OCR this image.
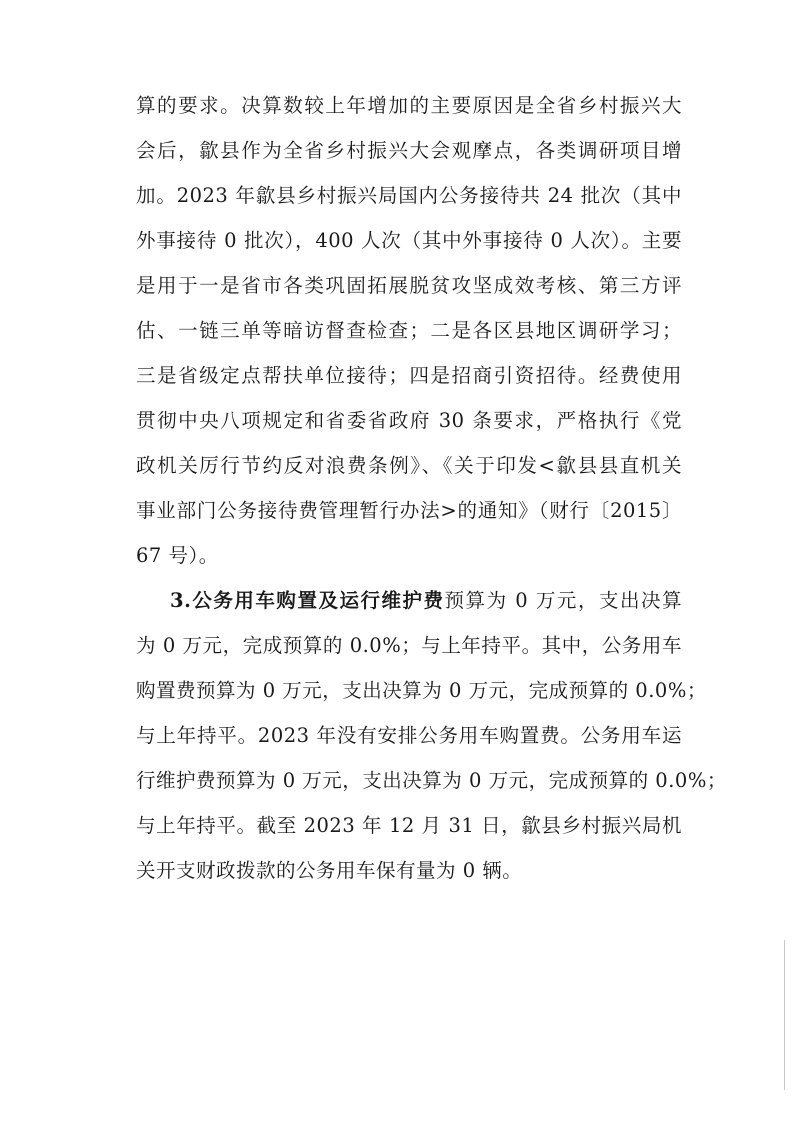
算的要求。决算数较上年增加的主要原因是全省乡村振兴大
会后，歙县作为全省乡村振兴大会观摩点，各类调研项目增
加。2023 年歙县乡村振兴局国内公务接待共 24 批次（其中
外事接待 0 批次），400 人次（其中外事接待 0 人次）。主要
是用于一是省市各类巩固拓展脱贫攻坚成效考核、第三方评
估、一链三单等暗访督查检查；二是各区县地区调研学习；
三是省级定点帮扶单位接待；四是招商引资招待。经费使用
贯彻中央八项规定和省委省政府 30 条要求，严格执行《党
政机关厉行节约反对浪费条例》、《关于印发<歙县县直机关
事业部门公务接待费管理暂行办法>的通知》（财行〔2015〕
67 号）。
3.公务用车购置及运行维护费预算为 0 万元，支出决算
为 0 万元，完成预算的 0.0%；与上年持平。其中，公务用车
购置费预算为 0 万元，支出决算为 0 万元，完成预算的 0.0%；
与上年持平。2023 年没有安排公务用车购置费。公务用车运
行维护费预算为 0 万元，支出决算为 0 万元，完成预算的 0.0%；
与上年持平。截至 2023 年 12 月 31 日，歙县乡村振兴局机
关开支财政拨款的公务用车保有量为 0 辆。
